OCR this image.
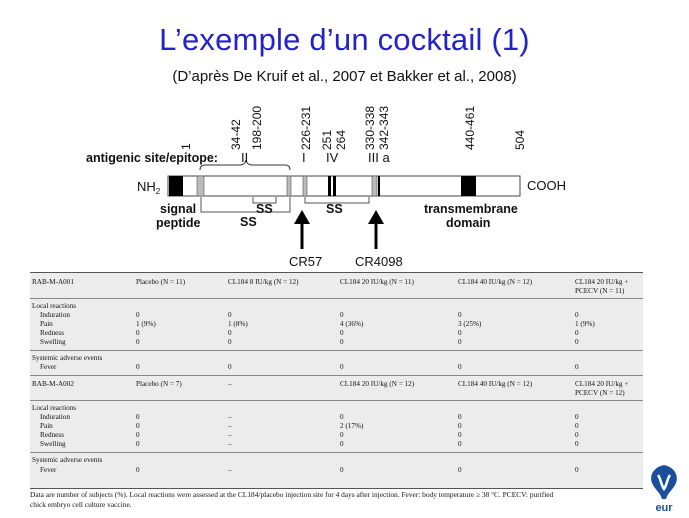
L’exemple d’un cocktail (1)
(D’après De Kruif et al., 2007 et Bakker et al., 2008)
1	34-42 198-200	226-231 251 264 330-338 342-343	440-461	504
antigenic site/epitope: II	I IV III a
$NH_2$	COOH
signal
peptide
SS
SS
SS	transmembrane
domain
CR57	CR4098
RAB-M-A001	Placebo (N = 11)	CL184 8 IU/kg (N = 12)	CL184 20 IU/kg (N = 11)	CL184 40 IU/kg (N = 12)	CL184 20 IU/kg +
PCECV (N = 11)
Local reactions
Induration	0	0	0	0	0
Pain	1 (9%)	1 (8%)	4 (36%)	3 (25%)	1 (9%)
Redness	0	0	0	0	0
Swelling	0	0	0	0	0
Systemic adverse events
Fever	0	0	0	0	0
RAB-M-A002	Placebo (N = 7)	–	CL184 20 IU/kg (N = 12)	CL184 40 IU/kg (N = 12)	CL184 20 IU/kg +
PCECV (N = 12)
Local reactions
Induration	0	–	0	0	0
Pain	0	–	2 (17%)	0	0
Redness	0	–	0	0	0
Swelling	0	–	0	0	0
Systemic adverse events
Fever	0	–	0	0	0
Data are number of subjects (%). Local reactions were assessed at the CL184/placebo injection site for 4 days after injection. Fever: body temperature ≥ 38 °C. PCECV: purified
chick embryo cell culture vaccine.	eur
